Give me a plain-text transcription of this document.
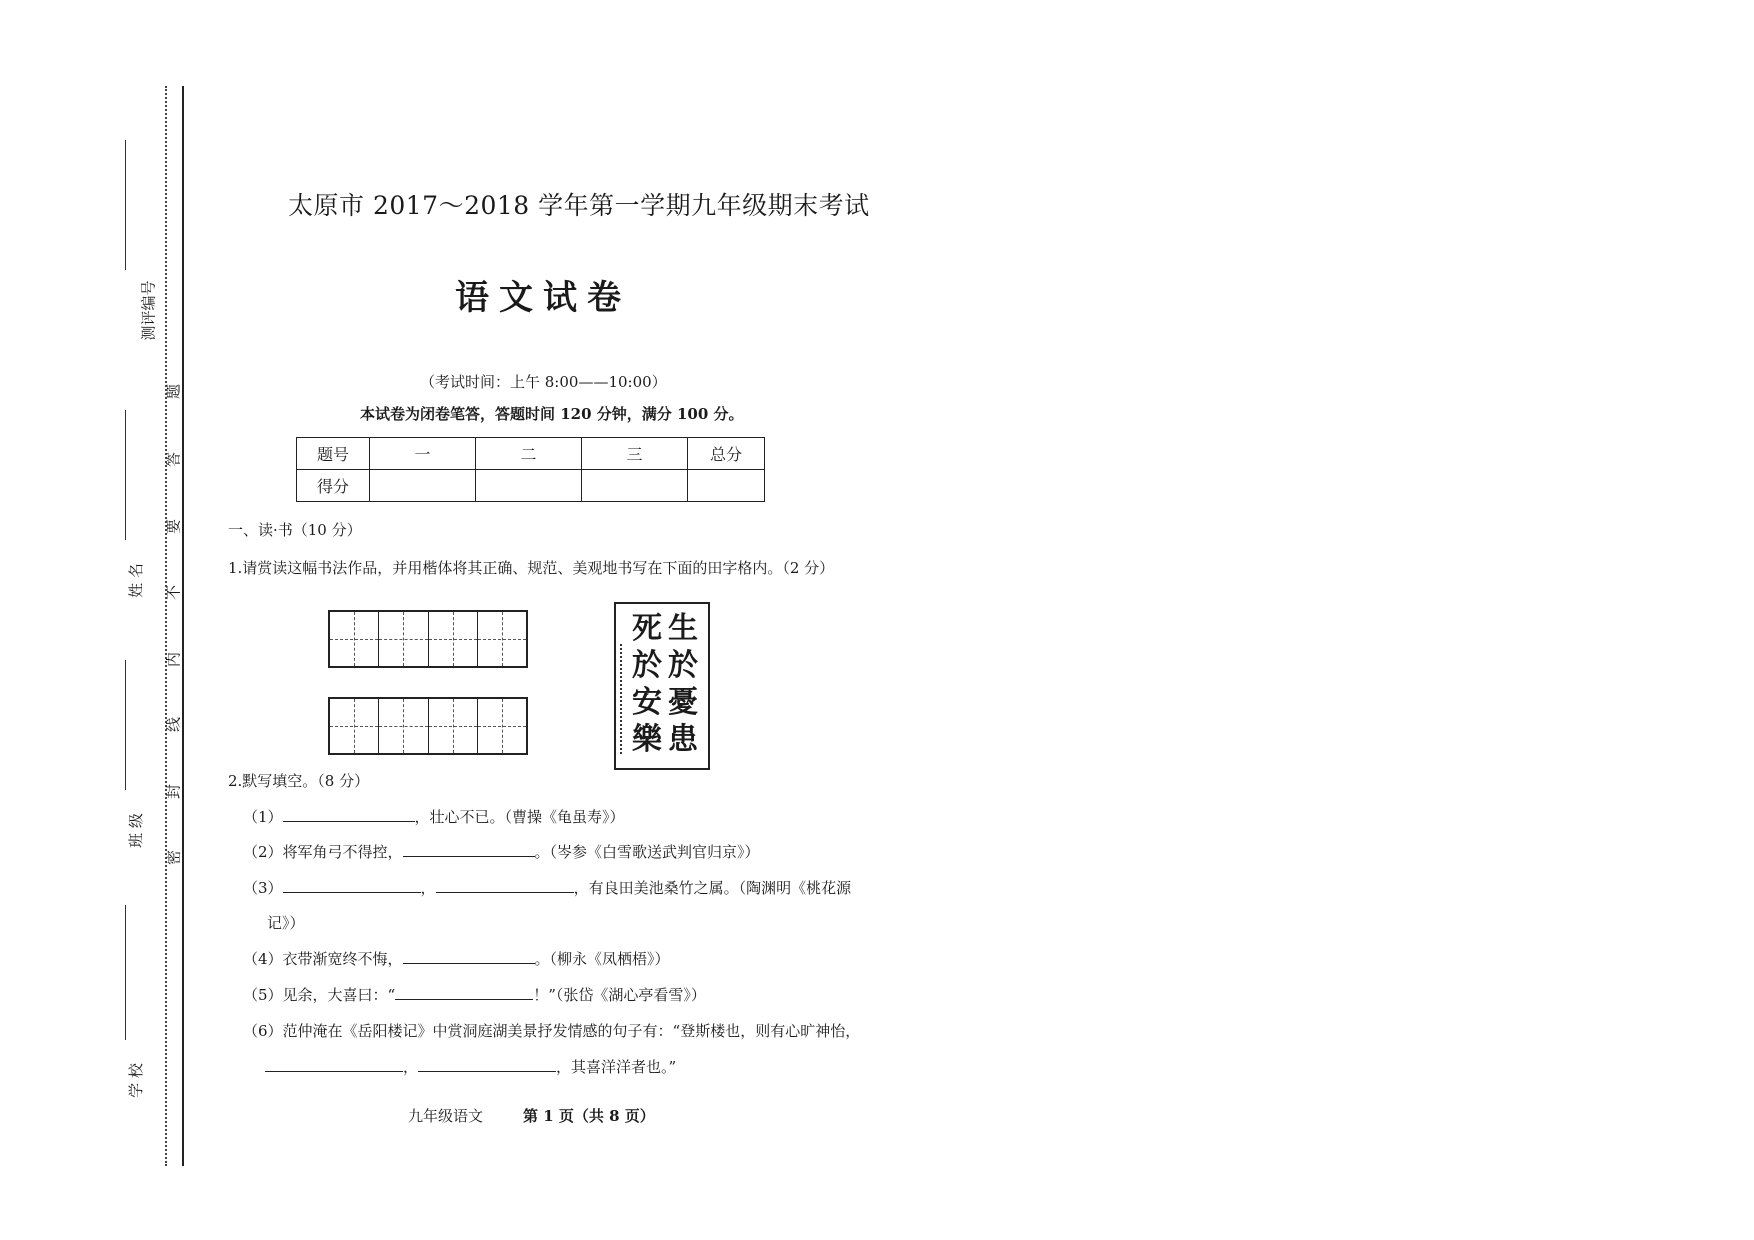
题
答
要
不
内
线
封
密
测评编号
姓 名
班 级
学 校
太原市 2017～2018 学年第一学期九年级期末考试
语文试卷
（考试时间：上午 8:00——10:00）
本试卷为闭卷笔答，答题时间 120 分钟，满分 100 分。
题号	一	二	三	总分
得分				
一、读·书（10 分）
1.请赏读这幅书法作品，并用楷体将其正确、规范、美观地书写在下面的田字格内。（2 分）
生
於
憂
患
死
於
安
樂
2.默写填空。（8 分）
（1）	，壮心不已。（曹操《龟虽寿》）
（2）将军角弓不得控，	。（岑参《白雪歌送武判官归京》）
（3）	，	，有良田美池桑竹之属。（陶渊明《桃花源
记》）
（4）衣带渐宽终不悔，	。（柳永《凤栖梧》）
（5）见余，大喜曰：“	！”（张岱《湖心亭看雪》）
（6）范仲淹在《岳阳楼记》中赏洞庭湖美景抒发情感的句子有：“登斯楼也，则有心旷神怡，
，	，其喜洋洋者也。”
九年级语文	第 1 页（共 8 页）
